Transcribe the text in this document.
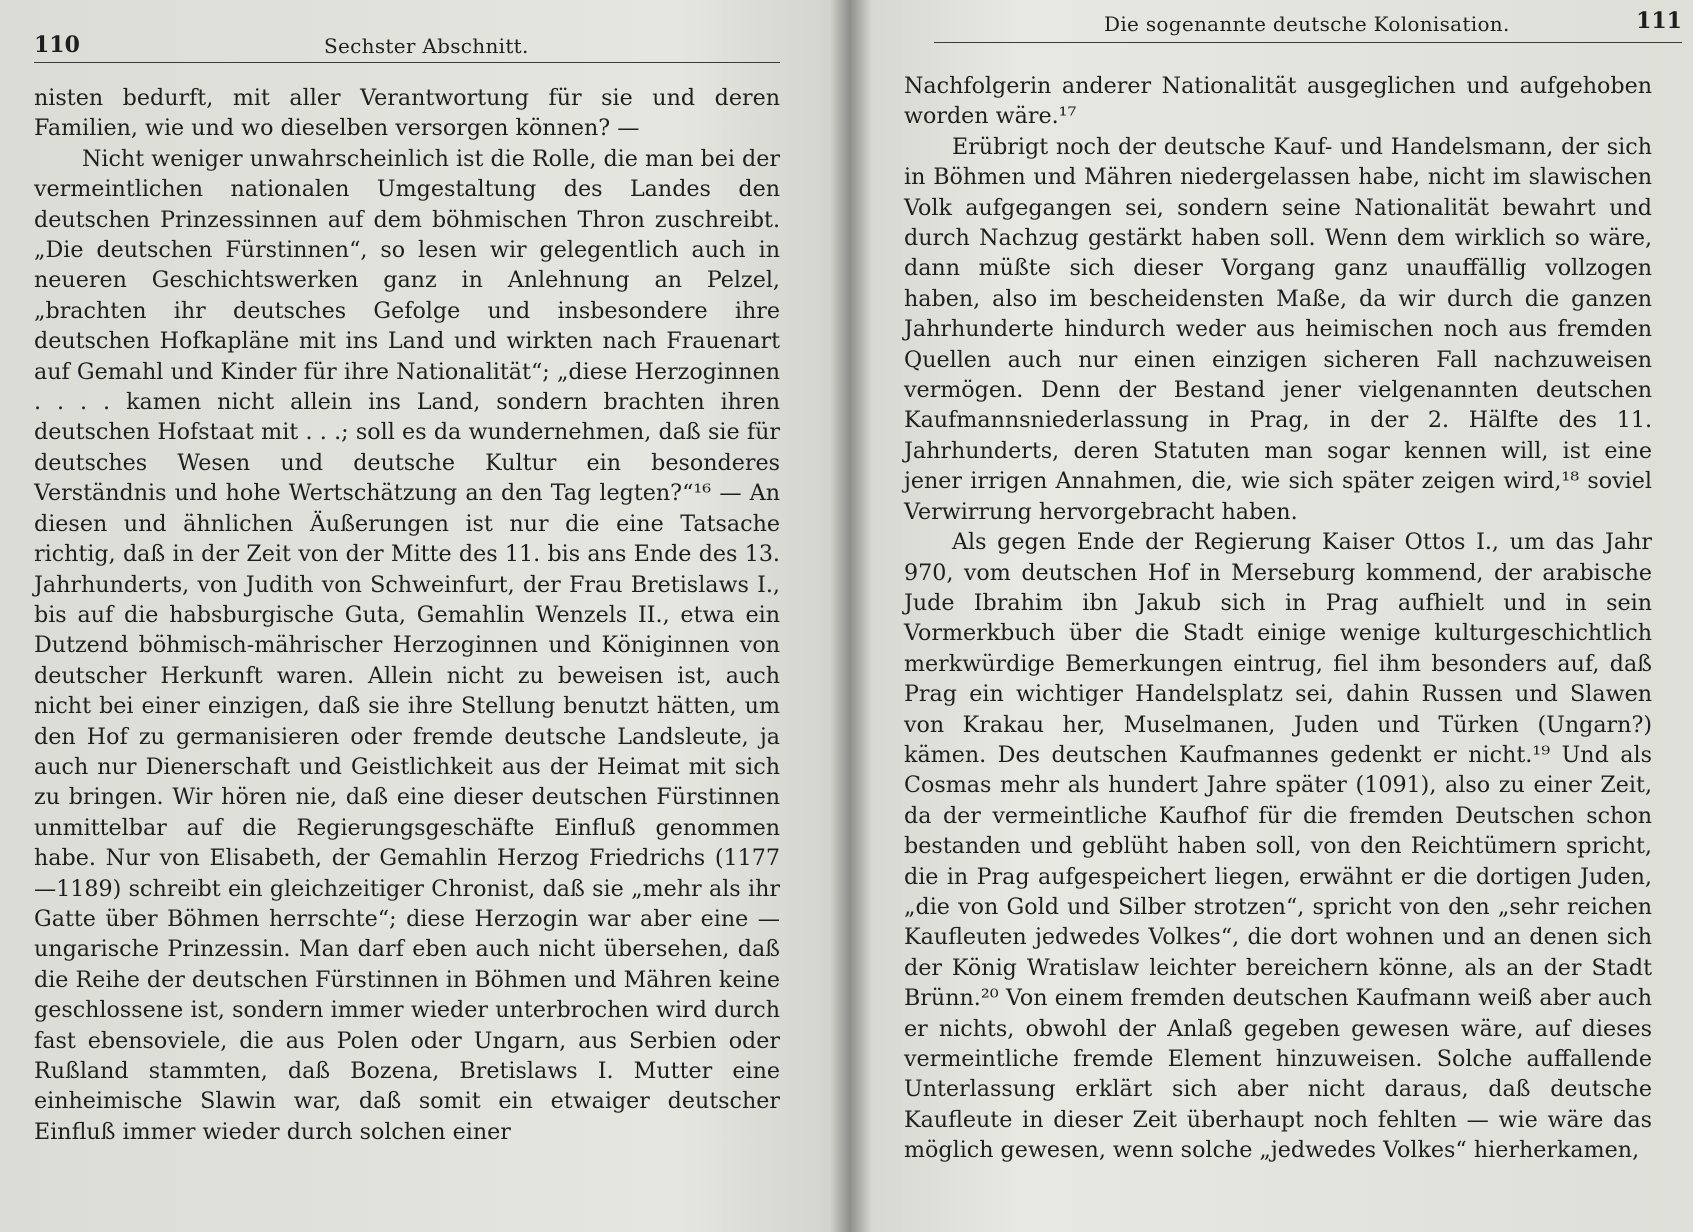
110	Sechster Abschnitt.

nisten bedurft, mit aller Verantwortung für sie und deren Familien, wie und wo dieselben versorgen können? —

Nicht weniger unwahrscheinlich ist die Rolle, die man bei der vermeintlichen nationalen Umgestaltung des Landes den deutschen Prinzessinnen auf dem böhmischen Thron zuschreibt. „Die deutschen Fürstinnen“, so lesen wir gelegentlich auch in neueren Geschichtswerken ganz in Anlehnung an Pelzel, „brachten ihr deutsches Gefolge und insbesondere ihre deutschen Hofkapläne mit ins Land und wirkten nach Frauenart auf Gemahl und Kinder für ihre Nationalität“; „diese Herzoginnen . . . . kamen nicht allein ins Land, sondern brachten ihren deutschen Hofstaat mit . . .; soll es da wundernehmen, daß sie für deutsches Wesen und deutsche Kultur ein besonderes Verständnis und hohe Wertschätzung an den Tag legten?“¹⁶ — An diesen und ähnlichen Äußerungen ist nur die eine Tatsache richtig, daß in der Zeit von der Mitte des 11. bis ans Ende des 13. Jahrhunderts, von Judith von Schweinfurt, der Frau Bretislaws I., bis auf die habsburgische Guta, Gemahlin Wenzels II., etwa ein Dutzend böhmisch-mährischer Herzoginnen und Königinnen von deutscher Herkunft waren. Allein nicht zu beweisen ist, auch nicht bei einer einzigen, daß sie ihre Stellung benutzt hätten, um den Hof zu germanisieren oder fremde deutsche Landsleute, ja auch nur Dienerschaft und Geistlichkeit aus der Heimat mit sich zu bringen. Wir hören nie, daß eine dieser deutschen Fürstinnen unmittelbar auf die Regierungsgeschäfte Einfluß genommen habe. Nur von Elisabeth, der Gemahlin Herzog Friedrichs (1177—1189) schreibt ein gleichzeitiger Chronist, daß sie „mehr als ihr Gatte über Böhmen herrschte“; diese Herzogin war aber eine — ungarische Prinzessin. Man darf eben auch nicht übersehen, daß die Reihe der deutschen Fürstinnen in Böhmen und Mähren keine geschlossene ist, sondern immer wieder unterbrochen wird durch fast ebensoviele, die aus Polen oder Ungarn, aus Serbien oder Rußland stammten, daß Bozena, Bretislaws I. Mutter eine einheimische Slawin war, daß somit ein etwaiger deutscher Einfluß immer wieder durch solchen einer

Die sogenannte deutsche Kolonisation.	111

Nachfolgerin anderer Nationalität ausgeglichen und aufgehoben worden wäre.¹⁷

Erübrigt noch der deutsche Kauf- und Handelsmann, der sich in Böhmen und Mähren niedergelassen habe, nicht im slawischen Volk aufgegangen sei, sondern seine Nationalität bewahrt und durch Nachzug gestärkt haben soll. Wenn dem wirklich so wäre, dann müßte sich dieser Vorgang ganz unauffällig vollzogen haben, also im bescheidensten Maße, da wir durch die ganzen Jahrhunderte hindurch weder aus heimischen noch aus fremden Quellen auch nur einen einzigen sicheren Fall nachzuweisen vermögen. Denn der Bestand jener vielgenannten deutschen Kaufmannsniederlassung in Prag, in der 2. Hälfte des 11. Jahrhunderts, deren Statuten man sogar kennen will, ist eine jener irrigen Annahmen, die, wie sich später zeigen wird,¹⁸ soviel Verwirrung hervorgebracht haben.

Als gegen Ende der Regierung Kaiser Ottos I., um das Jahr 970, vom deutschen Hof in Merseburg kommend, der arabische Jude Ibrahim ibn Jakub sich in Prag aufhielt und in sein Vormerkbuch über die Stadt einige wenige kulturgeschichtlich merkwürdige Bemerkungen eintrug, fiel ihm besonders auf, daß Prag ein wichtiger Handelsplatz sei, dahin Russen und Slawen von Krakau her, Muselmanen, Juden und Türken (Ungarn?) kämen. Des deutschen Kaufmannes gedenkt er nicht.¹⁹ Und als Cosmas mehr als hundert Jahre später (1091), also zu einer Zeit, da der vermeintliche Kaufhof für die fremden Deutschen schon bestanden und geblüht haben soll, von den Reichtümern spricht, die in Prag aufgespeichert liegen, erwähnt er die dortigen Juden, „die von Gold und Silber strotzen“, spricht von den „sehr reichen Kaufleuten jedwedes Volkes“, die dort wohnen und an denen sich der König Wratislaw leichter bereichern könne, als an der Stadt Brünn.²⁰ Von einem fremden deutschen Kaufmann weiß aber auch er nichts, obwohl der Anlaß gegeben gewesen wäre, auf dieses vermeintliche fremde Element hinzuweisen. Solche auffallende Unterlassung erklärt sich aber nicht daraus, daß deutsche Kaufleute in dieser Zeit überhaupt noch fehlten — wie wäre das möglich gewesen, wenn solche „jedwedes Volkes“ hierherkamen,
